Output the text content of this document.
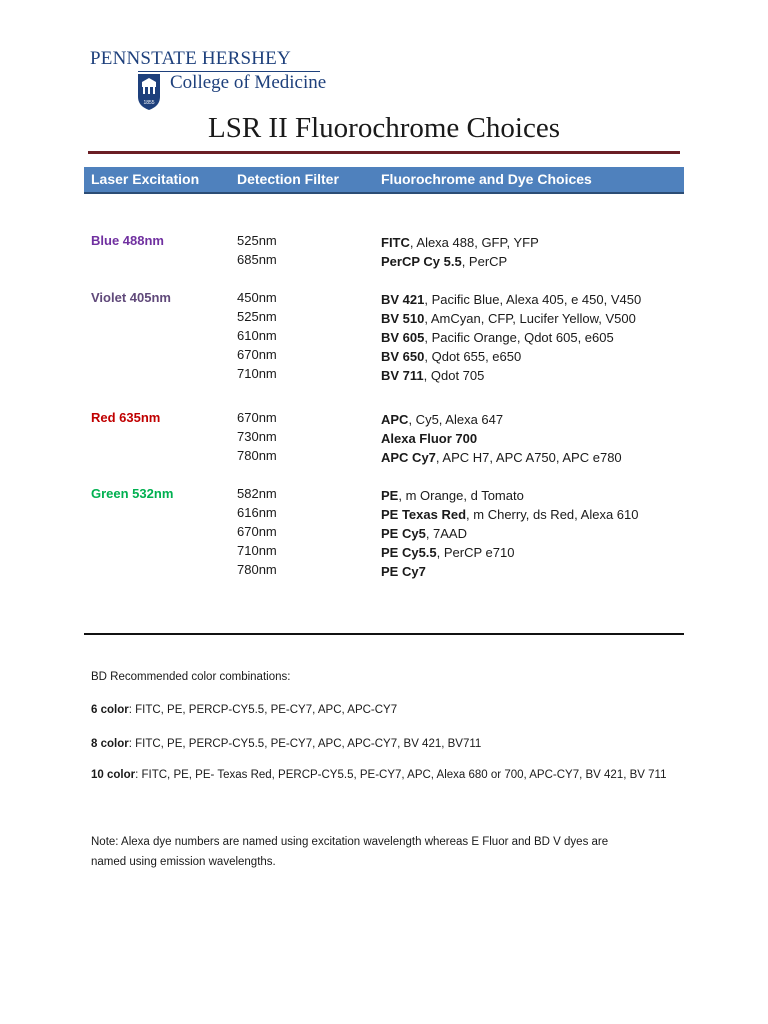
PENNSTATE HERSHEY
1855
College of Medicine
LSR II Fluorochrome Choices
Laser Excitation	Detection Filter	Fluorochrome and Dye Choices
Blue 488nm	525nm	FITC, Alexa 488, GFP, YFP
685nm	PerCP Cy 5.5, PerCP
Violet 405nm	450nm	BV 421, Pacific Blue, Alexa 405, e 450, V450
525nm	BV 510, AmCyan, CFP, Lucifer Yellow, V500
610nm	BV 605, Pacific Orange, Qdot 605, e605
670nm	BV 650, Qdot 655, e650
710nm	BV 711, Qdot 705
Red 635nm	670nm	APC, Cy5, Alexa 647
730nm	Alexa Fluor 700
780nm	APC Cy7, APC H7, APC A750, APC e780
Green 532nm	582nm	PE, m Orange, d Tomato
616nm	PE Texas Red, m Cherry, ds Red, Alexa 610
670nm	PE Cy5, 7AAD
710nm	PE Cy5.5, PerCP e710
780nm	PE Cy7
BD Recommended color combinations:
6 color: FITC, PE, PERCP-CY5.5, PE-CY7, APC, APC-CY7
8 color: FITC, PE, PERCP-CY5.5, PE-CY7, APC, APC-CY7, BV 421, BV711
10 color: FITC, PE, PE- Texas Red, PERCP-CY5.5, PE-CY7, APC, Alexa 680 or 700, APC-CY7, BV 421, BV 711
Note: Alexa dye numbers are named using excitation wavelength whereas E Fluor and BD V dyes are
named using emission wavelengths.
